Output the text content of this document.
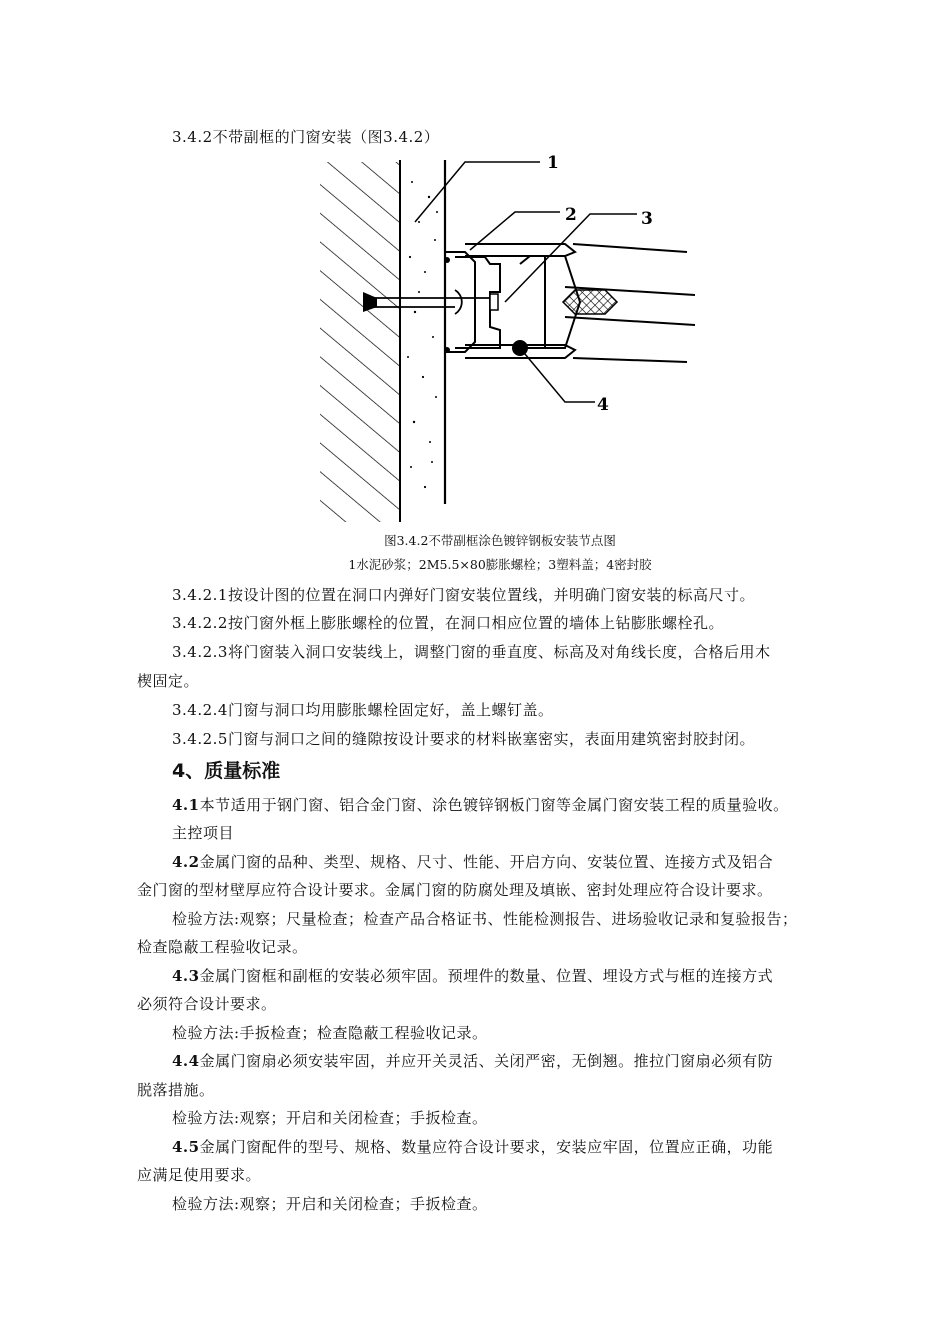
3.4.2不带副框的门窗安装（图3.4.2）
1
2	3
4
图3.4.2不带副框涂色镀锌钢板安装节点图
1水泥砂浆；2M5.5×80膨胀螺栓；3塑料盖；4密封胶
3.4.2.1按设计图的位置在洞口内弹好门窗安装位置线，并明确门窗安装的标高尺寸。
3.4.2.2按门窗外框上膨胀螺栓的位置，在洞口相应位置的墙体上钻膨胀螺栓孔。
3.4.2.3将门窗装入洞口安装线上，调整门窗的垂直度、标高及对角线长度，合格后用木
楔固定。
3.4.2.4门窗与洞口均用膨胀螺栓固定好，盖上螺钉盖。
3.4.2.5门窗与洞口之间的缝隙按设计要求的材料嵌塞密实，表面用建筑密封胶封闭。
4、质量标准
4.1本节适用于钢门窗、铝合金门窗、涂色镀锌钢板门窗等金属门窗安装工程的质量验收。
主控项目
4.2金属门窗的品种、类型、规格、尺寸、性能、开启方向、安装位置、连接方式及铝合
金门窗的型材壁厚应符合设计要求。金属门窗的防腐处理及填嵌、密封处理应符合设计要求。
检验方法:观察；尺量检查；检查产品合格证书、性能检测报告、进场验收记录和复验报告；
检查隐蔽工程验收记录。
4.3金属门窗框和副框的安装必须牢固。预埋件的数量、位置、埋设方式与框的连接方式
必须符合设计要求。
检验方法:手扳检查；检查隐蔽工程验收记录。
4.4金属门窗扇必须安装牢固，并应开关灵活、关闭严密，无倒翘。推拉门窗扇必须有防
脱落措施。
检验方法:观察；开启和关闭检查；手扳检查。
4.5金属门窗配件的型号、规格、数量应符合设计要求，安装应牢固，位置应正确，功能
应满足使用要求。
检验方法:观察；开启和关闭检查；手扳检查。
